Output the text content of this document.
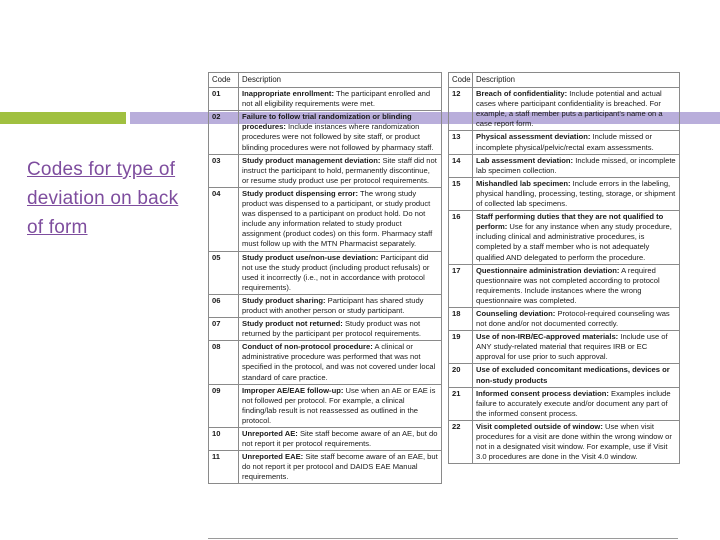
Codes for type of deviation on back of form
Code	Description
01	Inappropriate enrollment: The participant enrolled and not all eligibility requirements were met.
02	Failure to follow trial randomization or blinding procedures: Include instances where randomization procedures were not followed by site staff, or product blinding procedures were not followed by pharmacy staff.
03	Study product management deviation: Site staff did not instruct the participant to hold, permanently discontinue, or resume study product use per protocol requirements.
04	Study product dispensing error: The wrong study product was dispensed to a participant, or study product was dispensed to a participant on product hold. Do not include any information related to study product assignment (product codes) on this form. Pharmacy staff must follow up with the MTN Pharmacist separately.
05	Study product use/non-use deviation: Participant did not use the study product (including product refusals) or used it incorrectly (i.e., not in accordance with protocol requirements).
06	Study product sharing: Participant has shared study product with another person or study participant.
07	Study product not returned: Study product was not returned by the participant per protocol requirements.
08	Conduct of non-protocol procedure: A clinical or administrative procedure was performed that was not specified in the protocol, and was not covered under local standard of care practice.
09	Improper AE/EAE follow-up: Use when an AE or EAE is not followed per protocol. For example, a clinical finding/lab result is not reassessed as outlined in the protocol.
10	Unreported AE: Site staff become aware of an AE, but do not report it per protocol requirements.
11	Unreported EAE: Site staff become aware of an EAE, but do not report it per protocol and DAIDS EAE Manual requirements.
Code	Description
12	Breach of confidentiality: Include potential and actual cases where participant confidentiality is breached. For example, a staff member puts a participant's name on a case report form.
13	Physical assessment deviation: Include missed or incomplete physical/pelvic/rectal exam assessments.
14	Lab assessment deviation: Include missed, or incomplete lab specimen collection.
15	Mishandled lab specimen: Include errors in the labeling, physical handling, processing, testing, storage, or shipment of collected lab specimens.
16	Staff performing duties that they are not qualified to perform: Use for any instance when any study procedure, including clinical and administrative procedures, is completed by a staff member who is not adequately qualified AND delegated to perform the procedure.
17	Questionnaire administration deviation: A required questionnaire was not completed according to protocol requirements. Include instances where the wrong questionnaire was completed.
18	Counseling deviation: Protocol-required counseling was not done and/or not documented correctly.
19	Use of non-IRB/EC-approved materials: Include use of ANY study-related material that requires IRB or EC approval for use prior to such approval.
20	Use of excluded concomitant medications, devices or non-study products
21	Informed consent process deviation: Examples include failure to accurately execute and/or document any part of the informed consent process.
22	Visit completed outside of window: Use when visit procedures for a visit are done within the wrong window or not in a designated visit window. For example, use if Visit 3.0 procedures are done in the Visit 4.0 window.
